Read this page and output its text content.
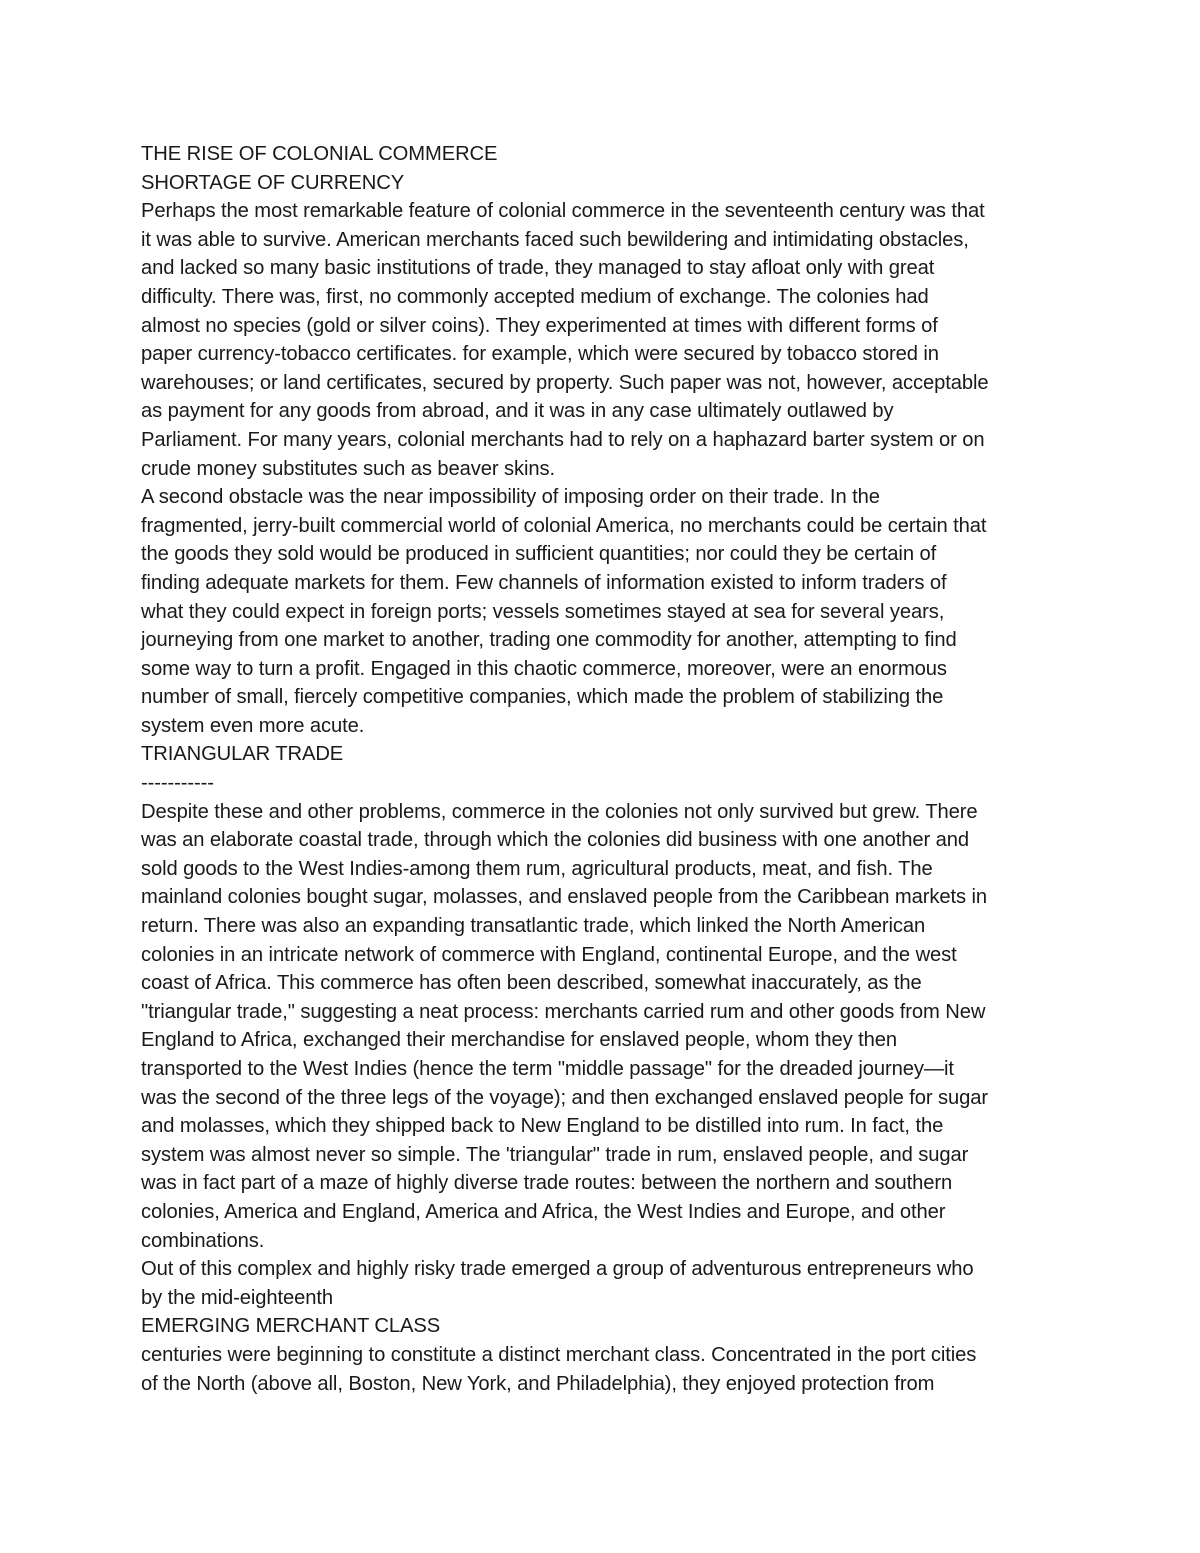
THE RISE OF COLONIAL COMMERCE
SHORTAGE OF CURRENCY
Perhaps the most remarkable feature of colonial commerce in the seventeenth century was that
it was able to survive. American merchants faced such bewildering and intimidating obstacles,
and lacked so many basic institutions of trade, they managed to stay afloat only with great
difficulty. There was, first, no commonly accepted medium of exchange. The colonies had
almost no species (gold or silver coins). They experimented at times with different forms of
paper currency-tobacco certificates. for example, which were secured by tobacco stored in
warehouses; or land certificates, secured by property. Such paper was not, however, acceptable
as payment for any goods from abroad, and it was in any case ultimately outlawed by
Parliament. For many years, colonial merchants had to rely on a haphazard barter system or on
crude money substitutes such as beaver skins.
A second obstacle was the near impossibility of imposing order on their trade. In the
fragmented, jerry-built commercial world of colonial America, no merchants could be certain that
the goods they sold would be produced in sufficient quantities; nor could they be certain of
finding adequate markets for them. Few channels of information existed to inform traders of
what they could expect in foreign ports; vessels sometimes stayed at sea for several years,
journeying from one market to another, trading one commodity for another, attempting to find
some way to turn a profit. Engaged in this chaotic commerce, moreover, were an enormous
number of small, fiercely competitive companies, which made the problem of stabilizing the
system even more acute.
TRIANGULAR TRADE
-----------
Despite these and other problems, commerce in the colonies not only survived but grew. There
was an elaborate coastal trade, through which the colonies did business with one another and
sold goods to the West Indies-among them rum, agricultural products, meat, and fish. The
mainland colonies bought sugar, molasses, and enslaved people from the Caribbean markets in
return. There was also an expanding transatlantic trade, which linked the North American
colonies in an intricate network of commerce with England, continental Europe, and the west
coast of Africa. This commerce has often been described, somewhat inaccurately, as the
"triangular trade," suggesting a neat process: merchants carried rum and other goods from New
England to Africa, exchanged their merchandise for enslaved people, whom they then
transported to the West Indies (hence the term "middle passage" for the dreaded journey—it
was the second of the three legs of the voyage); and then exchanged enslaved people for sugar
and molasses, which they shipped back to New England to be distilled into rum. In fact, the
system was almost never so simple. The 'triangular" trade in rum, enslaved people, and sugar
was in fact part of a maze of highly diverse trade routes: between the northern and southern
colonies, America and England, America and Africa, the West Indies and Europe, and other
combinations.
Out of this complex and highly risky trade emerged a group of adventurous entrepreneurs who
by the mid-eighteenth
EMERGING MERCHANT CLASS
centuries were beginning to constitute a distinct merchant class. Concentrated in the port cities
of the North (above all, Boston, New York, and Philadelphia), they enjoyed protection from
